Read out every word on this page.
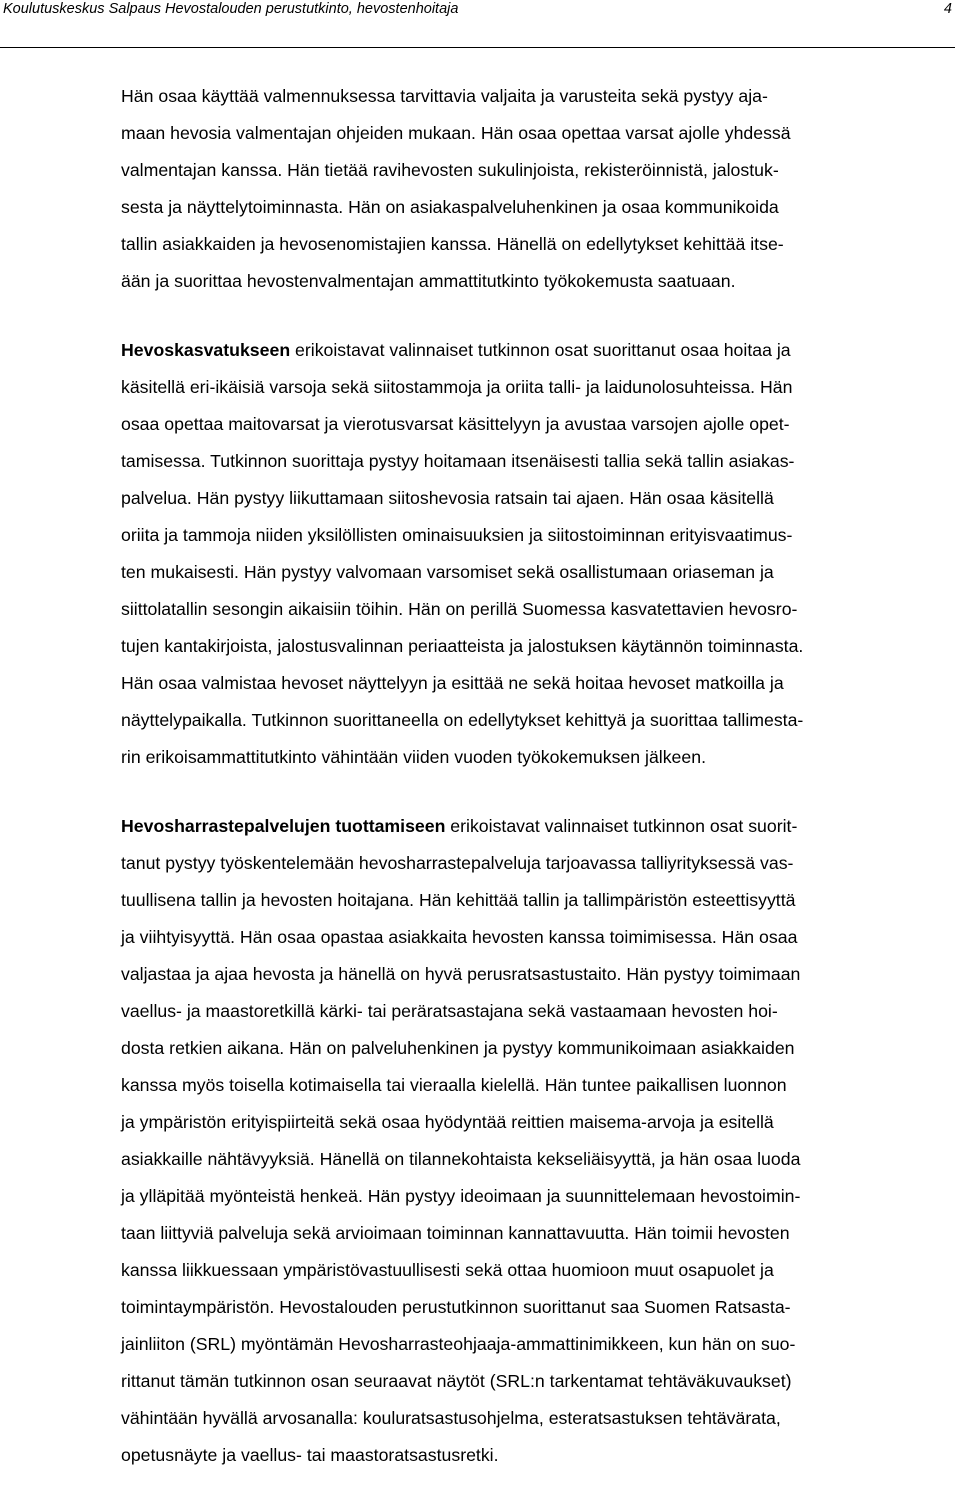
Koulutuskeskus Salpaus Hevostalouden perustutkinto, hevostenhoitaja	4
Hän osaa käyttää valmennuksessa tarvittavia valjaita ja varusteita sekä pystyy aja-
maan hevosia valmentajan ohjeiden mukaan. Hän osaa opettaa varsat ajolle yhdessä
valmentajan kanssa. Hän tietää ravihevosten sukulinjoista, rekisteröinnistä, jalostuk-
sesta ja näyttelytoiminnasta. Hän on asiakaspalveluhenkinen ja osaa kommunikoida
tallin asiakkaiden ja hevosenomistajien kanssa. Hänellä on edellytykset kehittää itse-
ään ja suorittaa hevostenvalmentajan ammattitutkinto työkokemusta saatuaan.
Hevoskasvatukseen erikoistavat valinnaiset tutkinnon osat suorittanut osaa hoitaa ja
käsitellä eri-ikäisiä varsoja sekä siitostammoja ja oriita talli- ja laidunolosuhteissa. Hän
osaa opettaa maitovarsat ja vierotusvarsat käsittelyyn ja avustaa varsojen ajolle opet-
tamisessa. Tutkinnon suorittaja pystyy hoitamaan itsenäisesti tallia sekä tallin asiakas-
palvelua. Hän pystyy liikuttamaan siitoshevosia ratsain tai ajaen. Hän osaa käsitellä
oriita ja tammoja niiden yksilöllisten ominaisuuksien ja siitostoiminnan erityisvaatimus-
ten mukaisesti. Hän pystyy valvomaan varsomiset sekä osallistumaan oriaseman ja
siittolatallin sesongin aikaisiin töihin. Hän on perillä Suomessa kasvatettavien hevosro-
tujen kantakirjoista, jalostusvalinnan periaatteista ja jalostuksen käytännön toiminnasta.
Hän osaa valmistaa hevoset näyttelyyn ja esittää ne sekä hoitaa hevoset matkoilla ja
näyttelypaikalla. Tutkinnon suorittaneella on edellytykset kehittyä ja suorittaa tallimesta-
rin erikoisammattitutkinto vähintään viiden vuoden työkokemuksen jälkeen.
Hevosharrastepalvelujen tuottamiseen erikoistavat valinnaiset tutkinnon osat suorit-
tanut pystyy työskentelemään hevosharrastepalveluja tarjoavassa talliyrityksessä vas-
tuullisena tallin ja hevosten hoitajana. Hän kehittää tallin ja tallimpäristön esteettisyyttä
ja viihtyisyyttä. Hän osaa opastaa asiakkaita hevosten kanssa toimimisessa. Hän osaa
valjastaa ja ajaa hevosta ja hänellä on hyvä perusratsastustaito. Hän pystyy toimimaan
vaellus- ja maastoretkillä kärki- tai peräratsastajana sekä vastaamaan hevosten hoi-
dosta retkien aikana. Hän on palveluhenkinen ja pystyy kommunikoimaan asiakkaiden
kanssa myös toisella kotimaisella tai vieraalla kielellä. Hän tuntee paikallisen luonnon
ja ympäristön erityispiirteitä sekä osaa hyödyntää reittien maisema-arvoja ja esitellä
asiakkaille nähtävyyksiä. Hänellä on tilannekohtaista kekseliäisyyttä, ja hän osaa luoda
ja ylläpitää myönteistä henkeä. Hän pystyy ideoimaan ja suunnittelemaan hevostoimin-
taan liittyviä palveluja sekä arvioimaan toiminnan kannattavuutta. Hän toimii hevosten
kanssa liikkuessaan ympäristövastuullisesti sekä ottaa huomioon muut osapuolet ja
toimintaympäristön. Hevostalouden perustutkinnon suorittanut saa Suomen Ratsasta-
jainliiton (SRL) myöntämän Hevosharrasteohjaaja-ammattinimikkeen, kun hän on suo-
rittanut tämän tutkinnon osan seuraavat näytöt (SRL:n tarkentamat tehtäväkuvaukset)
vähintään hyvällä arvosanalla: kouluratsastusohjelma, esteratsastuksen tehtävärata,
opetusnäyte ja vaellus- tai maastoratsastusretki.
